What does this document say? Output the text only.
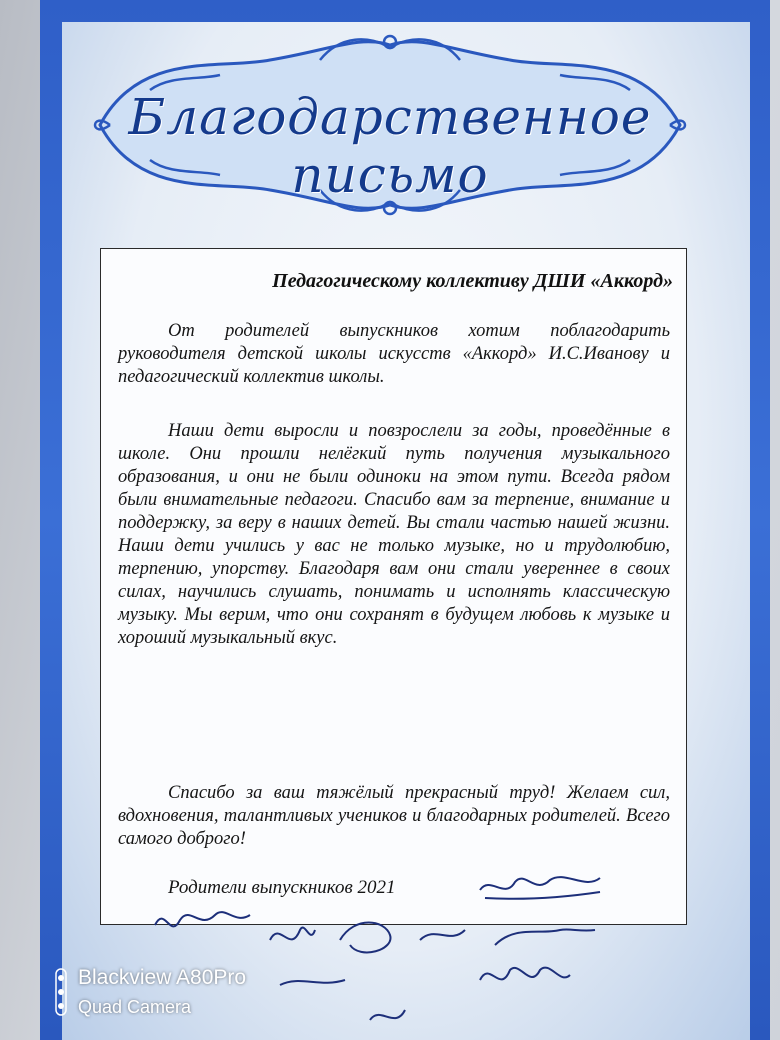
Благодарственное письмо
Педагогическому коллективу ДШИ «Аккорд»

От родителей выпускников хотим поблагодарить руководителя детской школы искусств «Аккорд» И.С.Иванову и педагогический коллектив школы.

Наши дети выросли и повзрослели за годы, проведённые в школе. Они прошли нелёгкий путь получения музыкального образования, и они не были одиноки на этом пути. Всегда рядом были внимательные педагоги. Спасибо вам за терпение, внимание и поддержку, за веру в наших детей. Вы стали частью нашей жизни. Наши дети учились у вас не только музыке, но и трудолюбию, терпению, упорству. Благодаря вам они стали увереннее в своих силах, научились слушать, понимать и исполнять классическую музыку. Мы верим, что они сохранят в будущем любовь к музыке и хороший музыкальный вкус.

Спасибо за ваш тяжёлый прекрасный труд! Желаем сил, вдохновения, талантливых учеников и благодарных родителей. Всего самого доброго!

Родители выпускников 2021
Blackview A80Pro
Quad Camera
